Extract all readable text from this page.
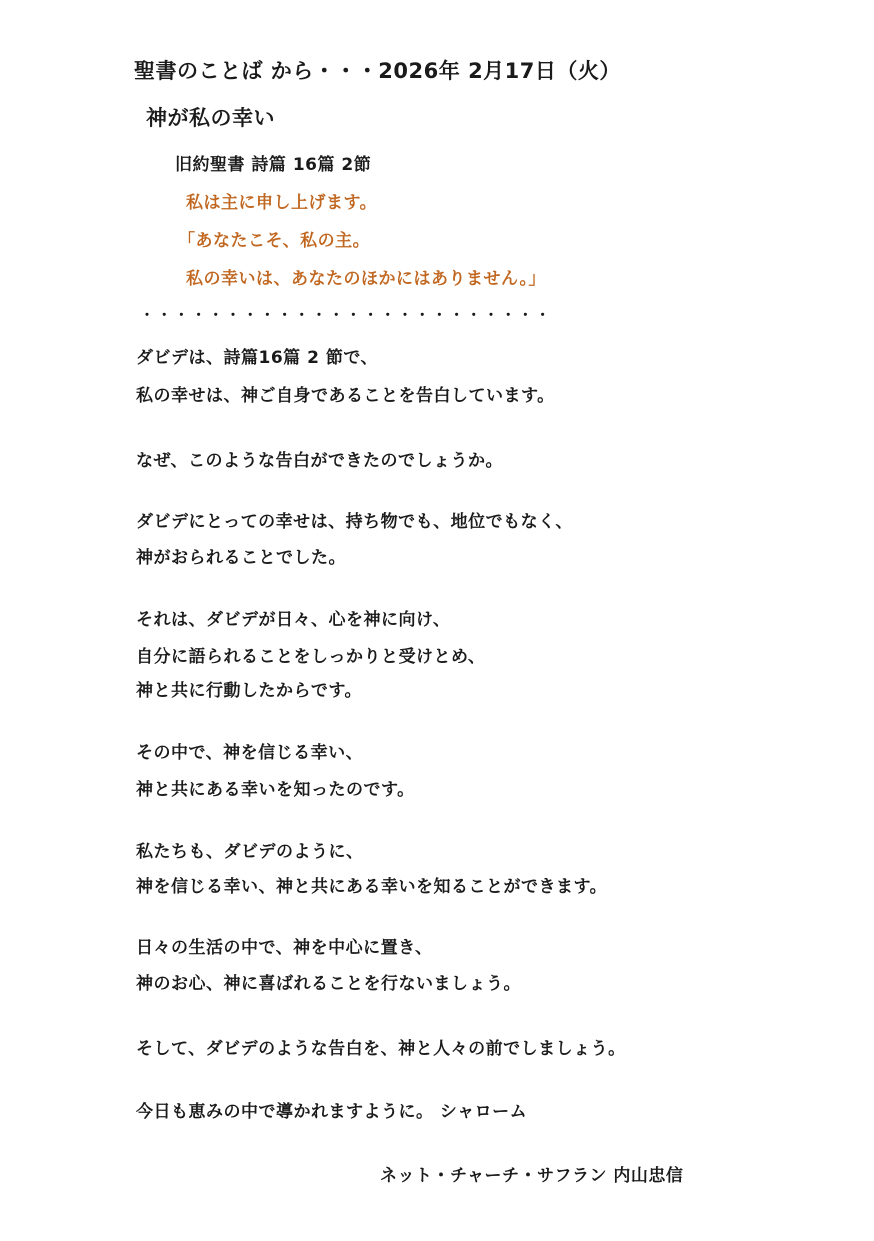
聖書のことば から・・・2026年 2月17日（火）
神が私の幸い
旧約聖書 詩篇 16篇 2節
私は主に申し上げます。
「あなたこそ、私の主。
私の幸いは、あなたのほかにはありません。」
・・・・・・・・・・・・・・・・・・・・・・・・
ダビデは、詩篇16篇 2 節で、
私の幸せは、神ご自身であることを告白しています。
なぜ、このような告白ができたのでしょうか。
ダビデにとっての幸せは、持ち物でも、地位でもなく、
神がおられることでした。
それは、ダビデが日々、心を神に向け、
自分に語られることをしっかりと受けとめ、
神と共に行動したからです。
その中で、神を信じる幸い、
神と共にある幸いを知ったのです。
私たちも、ダビデのように、
神を信じる幸い、神と共にある幸いを知ることができます。
日々の生活の中で、神を中心に置き、
神のお心、神に喜ばれることを行ないましょう。
そして、ダビデのような告白を、神と人々の前でしましょう。
今日も恵みの中で導かれますように。 シャローム
ネット・チャーチ・サフラン 内山忠信
